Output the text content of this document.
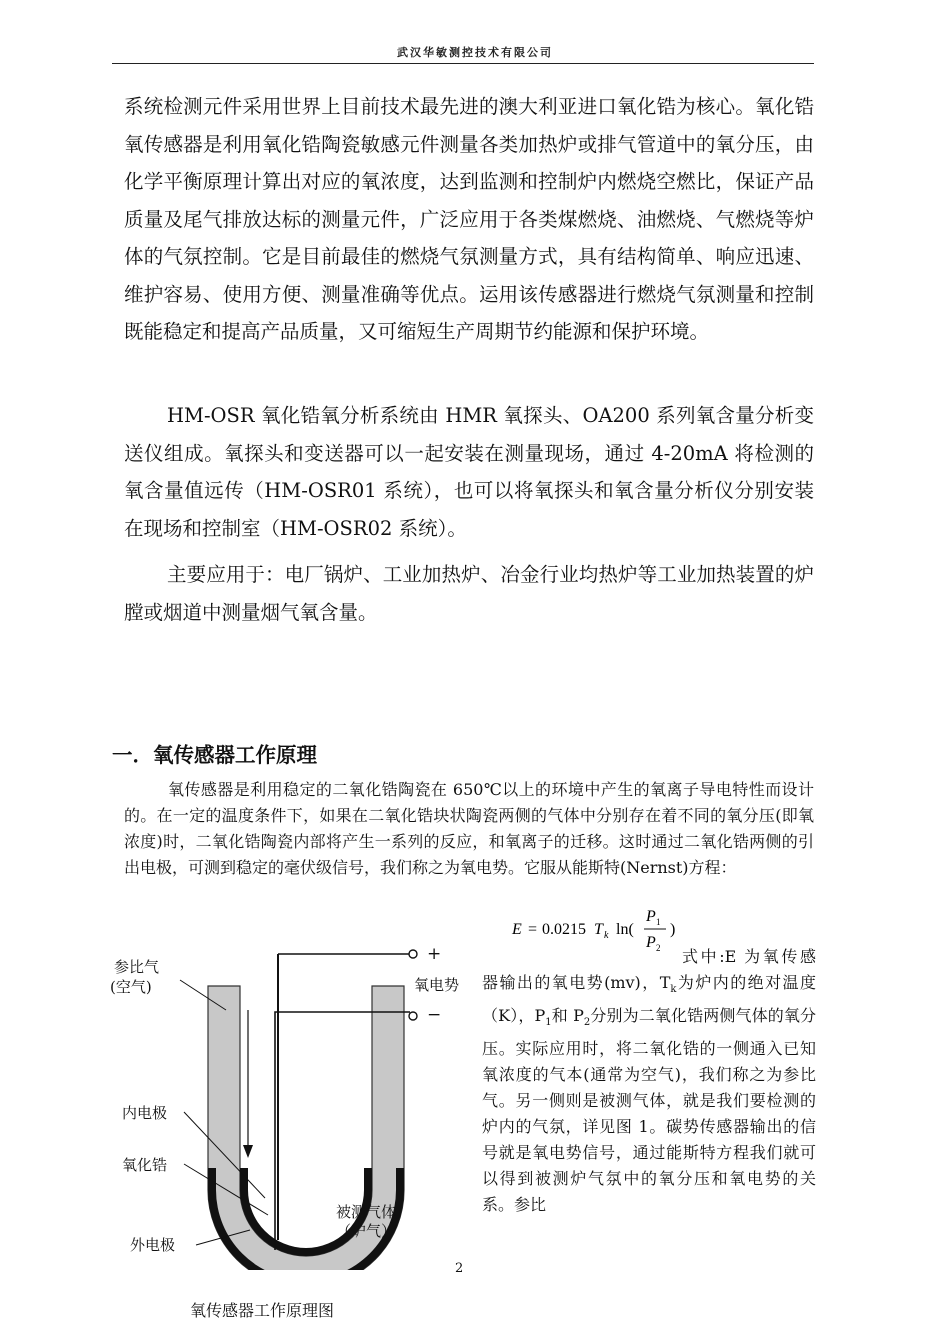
武汉华敏测控技术有限公司

系统检测元件采用世界上目前技术最先进的澳大利亚进口氧化锆为核心。氧化锆氧传感器是利用氧化锆陶瓷敏感元件测量各类加热炉或排气管道中的氧分压，由化学平衡原理计算出对应的氧浓度，达到监测和控制炉内燃烧空燃比，保证产品质量及尾气排放达标的测量元件，广泛应用于各类煤燃烧、油燃烧、气燃烧等炉体的气氛控制。它是目前最佳的燃烧气氛测量方式，具有结构简单、响应迅速、维护容易、使用方便、测量准确等优点。运用该传感器进行燃烧气氛测量和控制既能稳定和提高产品质量，又可缩短生产周期节约能源和保护环境。

HM-OSR 氧化锆氧分析系统由 HMR 氧探头、OA200 系列氧含量分析变送仪组成。氧探头和变送器可以一起安装在测量现场，通过 4-20mA 将检测的氧含量值远传（HM-OSR01 系统），也可以将氧探头和氧含量分析仪分别安装在现场和控制室（HM-OSR02 系统）。

主要应用于：电厂锅炉、工业加热炉、冶金行业均热炉等工业加热装置的炉膛或烟道中测量烟气氧含量。

一．氧传感器工作原理

氧传感器是利用稳定的二氧化锆陶瓷在 650℃以上的环境中产生的氧离子导电特性而设计的。在一定的温度条件下，如果在二氧化锆块状陶瓷两侧的气体中分别存在着不同的氧分压(即氧浓度)时，二氧化锆陶瓷内部将产生一系列的反应，和氧离子的迁移。这时通过二氧化锆两侧的引出电极，可测到稳定的毫伏级信号，我们称之为氧电势。它服从能斯特(Nernst)方程：

E = 0.0215 T k ln(
P 1
P 2
)

式中:E 为氧传感器输出的氧电势(mv)，$T_k$为炉内的绝对温度（K），$P_1$和 $P_2$分别为二氧化锆两侧气体的氧分压。实际应用时，将二氧化锆的一侧通入已知氧浓度的气本(通常为空气)，我们称之为参比气。另一侧则是被测气体，就是我们要检测的炉内的气氛，详见图 1。碳势传感器输出的信号就是氧电势信号，通过能斯特方程我们就可以得到被测炉气氛中的氧分压和氧电势的关系。参比

参比气
(空气)
+
−
氧电势
内电极
氧化锆
外电极
被测气体
（炉气）
2
氧传感器工作原理图
